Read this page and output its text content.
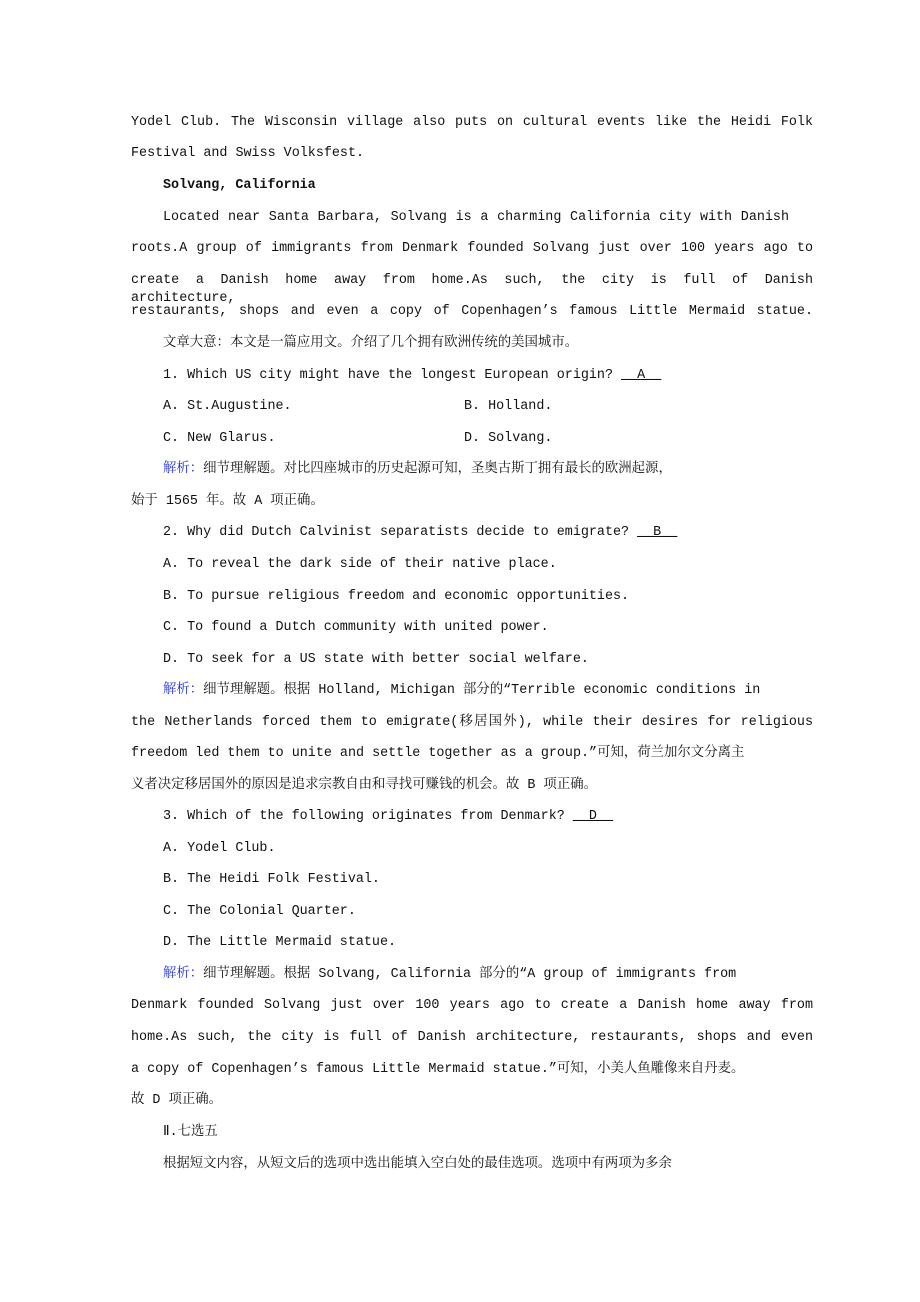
Yodel Club. The Wisconsin village also puts on cultural events like the Heidi Folk
Festival and Swiss Volksfest.
Solvang, California
Located near Santa Barbara, Solvang is a charming California city with Danish
roots.A group of immigrants from Denmark founded Solvang just over 100 years ago to
create a Danish home away from home.As such, the city is full of Danish architecture,
restaurants, shops and even a copy of Copenhagen’s famous Little Mermaid statue.
文章大意：本文是一篇应用文。介绍了几个拥有欧洲传统的美国城市。
1. Which US city might have the longest European origin? __A__
A. St.Augustine.	B. Holland.
C. New Glarus.	D. Solvang.
解析：细节理解题。对比四座城市的历史起源可知，圣奥古斯丁拥有最长的欧洲起源，
始于 1565 年。故 A 项正确。
2. Why did Dutch Calvinist separatists decide to emigrate? __B__
A. To reveal the dark side of their native place.
B. To pursue religious freedom and economic opportunities.
C. To found a Dutch community with united power.
D. To seek for a US state with better social welfare.
解析：细节理解题。根据 Holland, Michigan 部分的“Terrible economic conditions in
the Netherlands forced them to emigrate(移居国外), while their desires for religious
freedom led them to unite and settle together as a group.”可知，荷兰加尔文分离主
义者决定移居国外的原因是追求宗教自由和寻找可赚钱的机会。故 B 项正确。
3. Which of the following originates from Denmark? __D__
A. Yodel Club.
B. The Heidi Folk Festival.
C. The Colonial Quarter.
D. The Little Mermaid statue.
解析：细节理解题。根据 Solvang, California 部分的“A group of immigrants from
Denmark founded Solvang just over 100 years ago to create a Danish home away from
home.As such, the city is full of Danish architecture, restaurants, shops and even
a copy of Copenhagen’s famous Little Mermaid statue.”可知，小美人鱼雕像来自丹麦。
故 D 项正确。
Ⅱ.七选五
根据短文内容，从短文后的选项中选出能填入空白处的最佳选项。选项中有两项为多余
